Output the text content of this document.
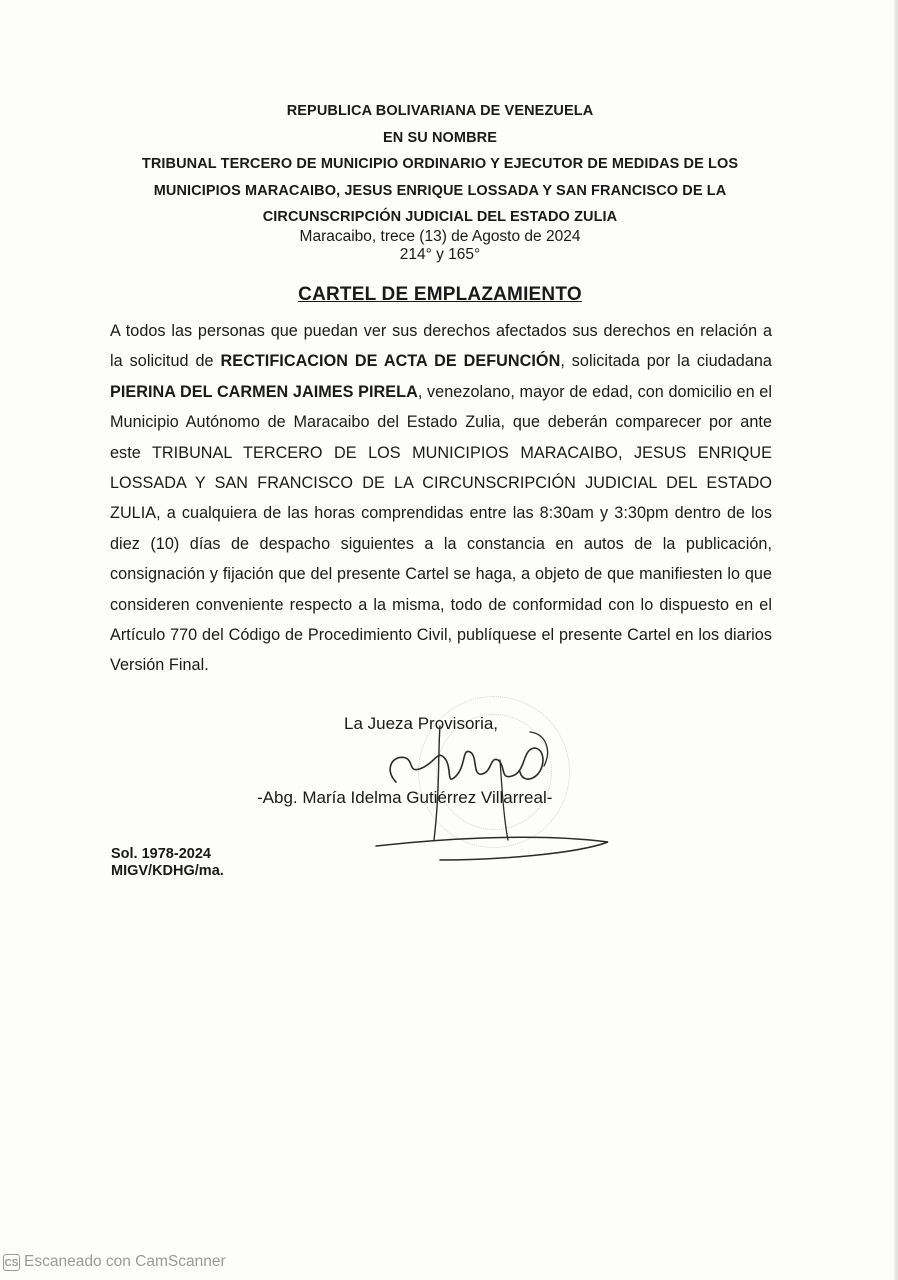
REPUBLICA BOLIVARIANA DE VENEZUELA
EN SU NOMBRE
TRIBUNAL TERCERO DE MUNICIPIO ORDINARIO Y EJECUTOR DE MEDIDAS DE LOS
MUNICIPIOS MARACAIBO, JESUS ENRIQUE LOSSADA Y SAN FRANCISCO DE LA
CIRCUNSCRIPCIÓN JUDICIAL DEL ESTADO ZULIA
Maracaibo, trece (13) de Agosto de 2024
214° y 165°
CARTEL DE EMPLAZAMIENTO
A todos las personas que puedan ver sus derechos afectados sus derechos en relación a la solicitud de RECTIFICACION DE ACTA DE DEFUNCIÓN, solicitada por la ciudadana PIERINA DEL CARMEN JAIMES PIRELA, venezolano, mayor de edad, con domicilio en el Municipio Autónomo de Maracaibo del Estado Zulia, que deberán comparecer por ante este TRIBUNAL TERCERO DE LOS MUNICIPIOS MARACAIBO, JESUS ENRIQUE LOSSADA Y SAN FRANCISCO DE LA CIRCUNSCRIPCIÓN JUDICIAL DEL ESTADO ZULIA, a cualquiera de las horas comprendidas entre las 8:30am y 3:30pm dentro de los diez (10) días de despacho siguientes a la constancia en autos de la publicación, consignación y fijación que del presente Cartel se haga, a objeto de que manifiesten lo que consideren conveniente respecto a la misma, todo de conformidad con lo dispuesto en el Artículo 770 del Código de Procedimiento Civil, publíquese el presente Cartel en los diarios Versión Final.
La Jueza Provisoria,
-Abg. María Idelma Gutiérrez Villarreal-
Sol. 1978-2024
MIGV/KDHG/ma.
CS Escaneado con CamScanner
